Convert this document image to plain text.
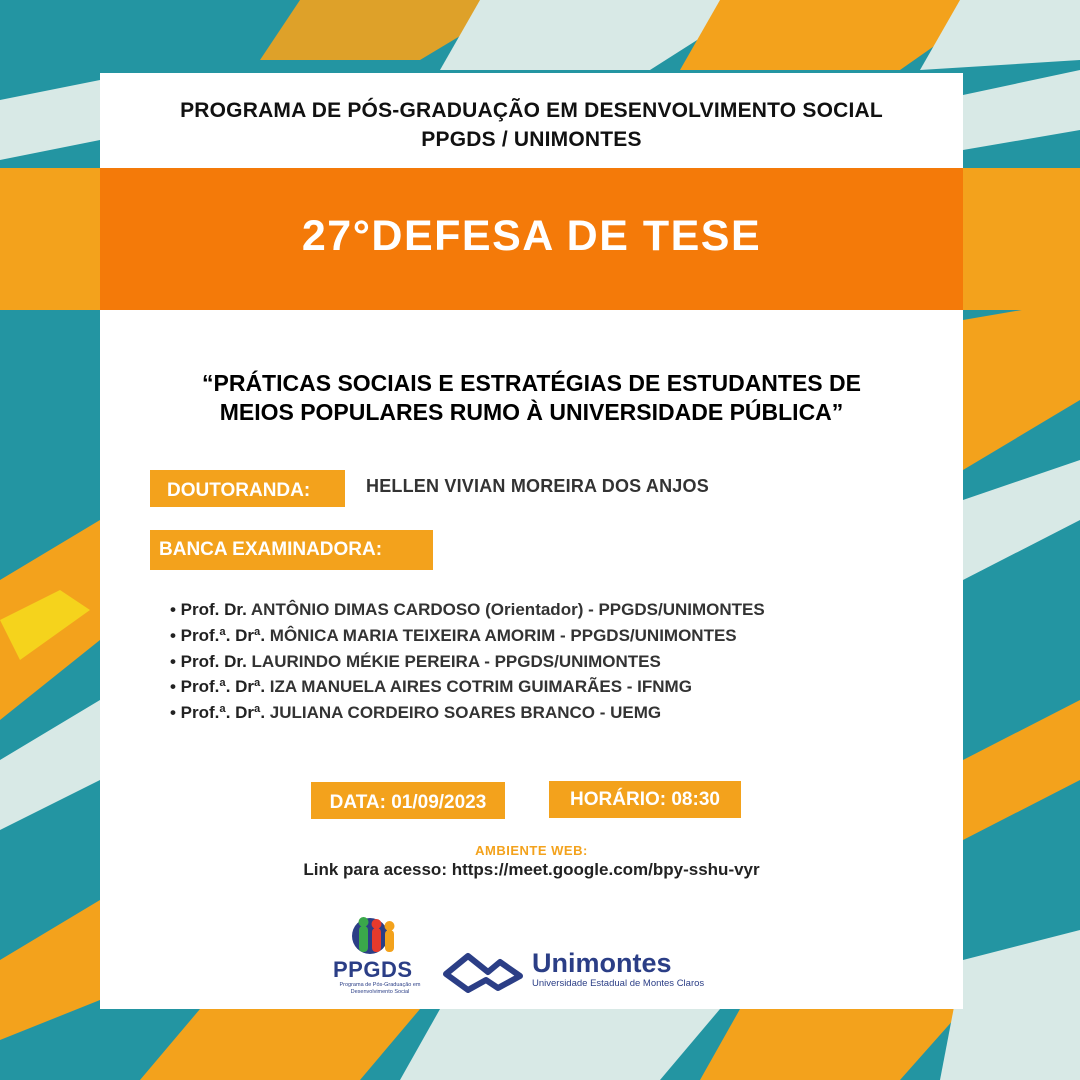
PROGRAMA DE PÓS-GRADUAÇÃO EM DESENVOLVIMENTO SOCIAL
PPGDS / UNIMONTES
27°DEFESA DE TESE
“PRÁTICAS SOCIAIS E ESTRATÉGIAS DE ESTUDANTES DE
MEIOS POPULARES RUMO À UNIVERSIDADE PÚBLICA”
DOUTORANDA:	HELLEN VIVIAN MOREIRA DOS ANJOS
BANCA EXAMINADORA:
• Prof. Dr. ANTÔNIO DIMAS CARDOSO (Orientador) - PPGDS/UNIMONTES
• Prof.ª. Drª. MÔNICA MARIA TEIXEIRA AMORIM - PPGDS/UNIMONTES
• Prof. Dr. LAURINDO MÉKIE PEREIRA - PPGDS/UNIMONTES
• Prof.ª. Drª. IZA MANUELA AIRES COTRIM GUIMARÃES - IFNMG
• Prof.ª. Drª. JULIANA CORDEIRO SOARES BRANCO - UEMG
DATA: 01/09/2023	HORÁRIO: 08:30
AMBIENTE WEB:
Link para acesso: https://meet.google.com/bpy-sshu-vyr
PPGDS
Programa de Pós-Graduação em Desenvolvimento Social
Unimontes
Universidade Estadual de Montes Claros
